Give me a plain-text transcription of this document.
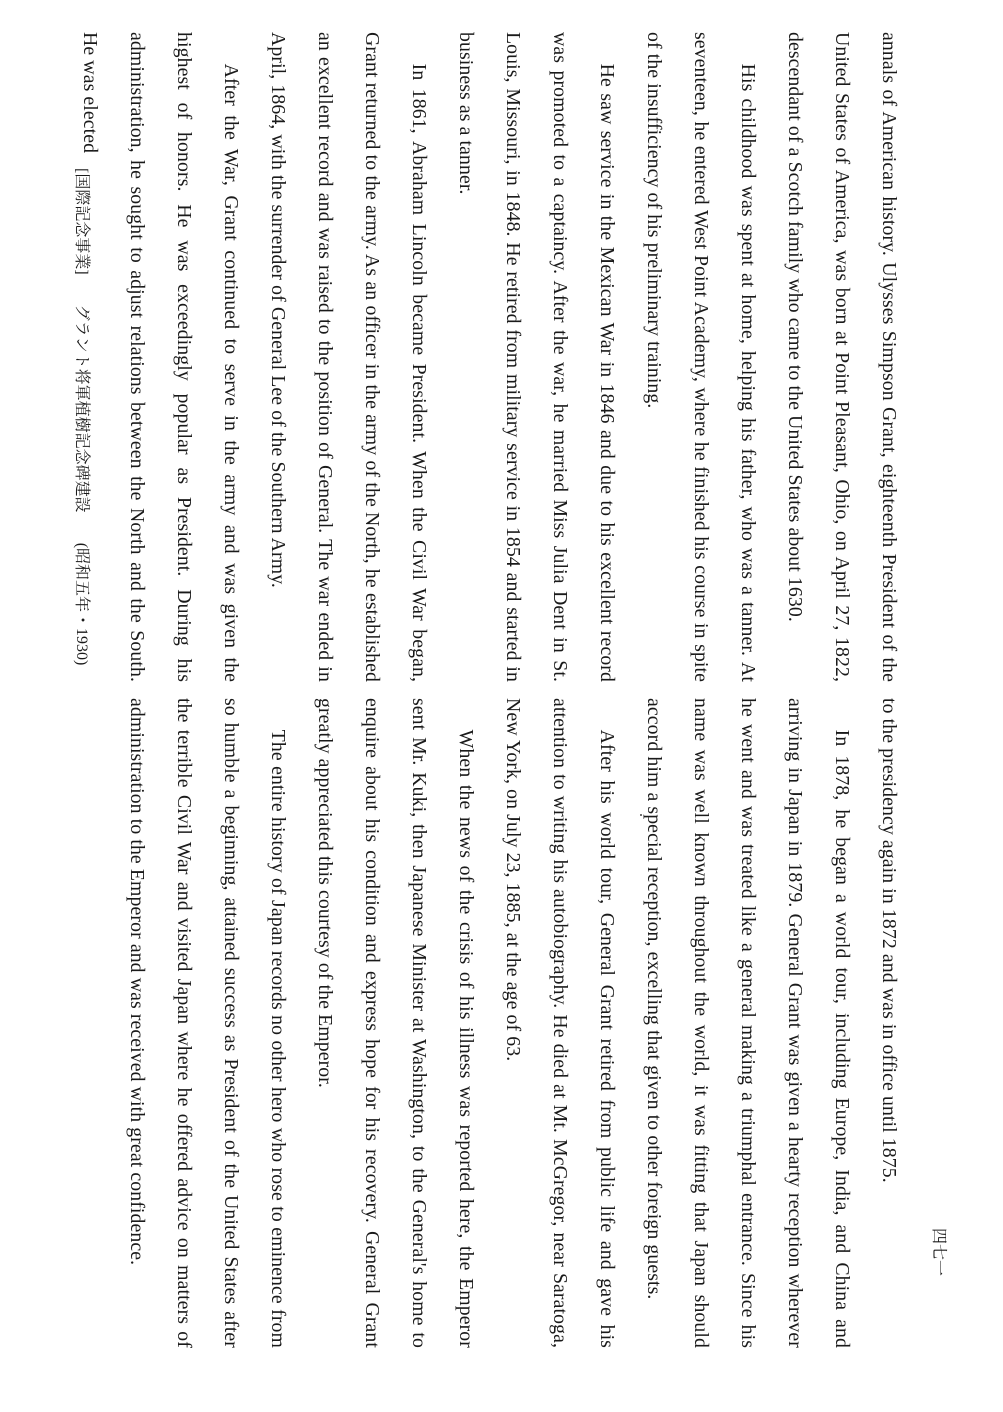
annals of American history. Ulysses Simpson Grant, eighteenth President of the United States of America, was born at Point Pleasant, Ohio, on April 27, 1822, descendant of a Scotch family who came to the United States about 1630.

His childhood was spent at home, helping his father, who was a tanner. At seventeen, he entered West Point Academy, where he finished his course in spite of the insufficiency of his preliminary training.

He saw service in the Mexican War in 1846 and due to his excellent record was promoted to a captaincy. After the war, he married Miss Julia Dent in St. Louis, Missouri, in 1848. He retired from military service in 1854 and started in business as a tanner.

In 1861, Abraham Lincoln became President. When the Civil War began, Grant returned to the army. As an officer in the army of the North, he established an excellent record and was raised to the position of General. The war ended in April, 1864, with the surrender of General Lee of the Southern Army.

After the War, Grant continued to serve in the army and was given the highest of honors. He was exceedingly popular as President. During his administration, he sought to adjust relations between the North and the South. He was elected

to the presidency again in 1872 and was in office until 1875.

In 1878, he began a world tour, including Europe, India, and China and arriving in Japan in 1879. General Grant was given a hearty reception wherever he went and was treated like a general making a triumphal entrance. Since his name was well known throughout the world, it was fitting that Japan should accord him a special reception, excelling that given to other foreign guests.

After his world tour, General Grant retired from public life and gave his attention to writing his autobiography. He died at Mt. McGregor, near Saratoga, New York, on July 23, 1885, at the age of 63.

When the news of the crisis of his illness was reported here, the Emperor sent Mr. Kuki, then Japanese Minister at Washington, to the General's home to enquire about his condition and express hope for his recovery. General Grant greatly appreciated this courtesy of the Emperor.

The entire history of Japan records no other hero who rose to eminence from so humble a beginning, attained success as President of the United States after the terrible Civil War and visited Japan where he offered advice on matters of administration to the Emperor and was received with great confidence.

[国際記念事業] グラント将軍植樹記念碑建設 (昭和五年・1930)
四七一
